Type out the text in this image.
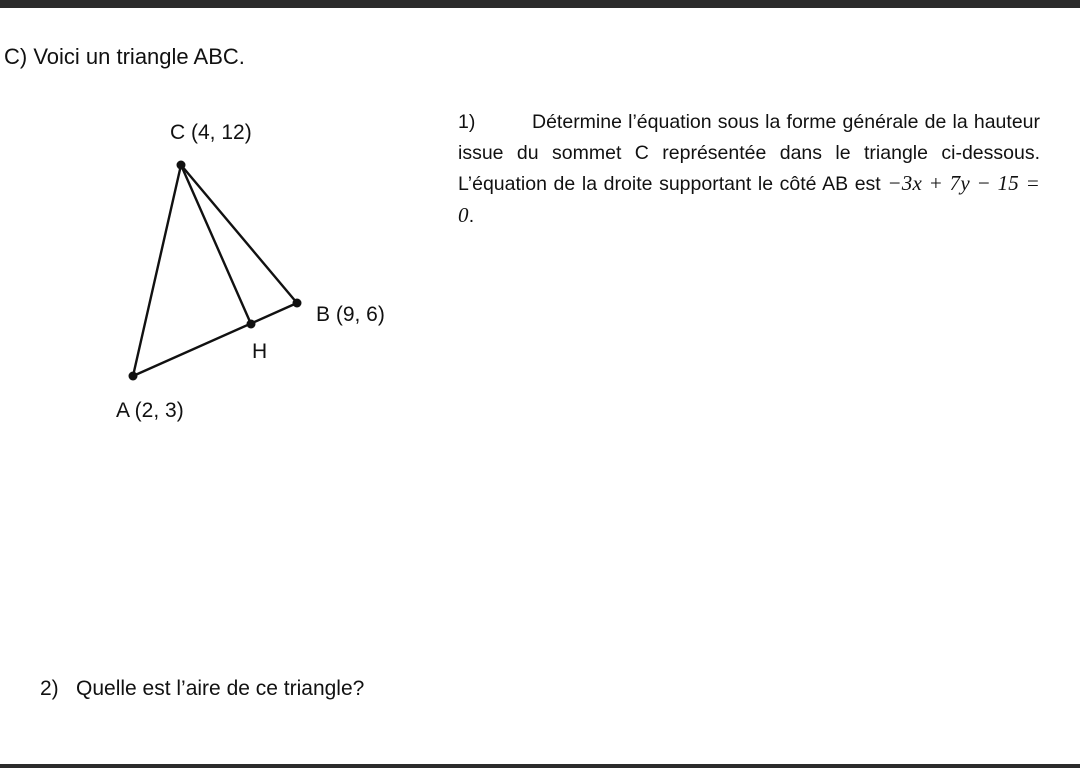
C) Voici un triangle ABC.
C (4, 12)
B (9, 6)
H
A (2, 3)
1)	Détermine l’équation sous la forme générale de la hauteur issue du sommet C représentée dans le triangle ci-dessous. L’équation de la droite supportant le côté AB est −3x + 7y − 15 = 0.
2) Quelle est l’aire de ce triangle?
